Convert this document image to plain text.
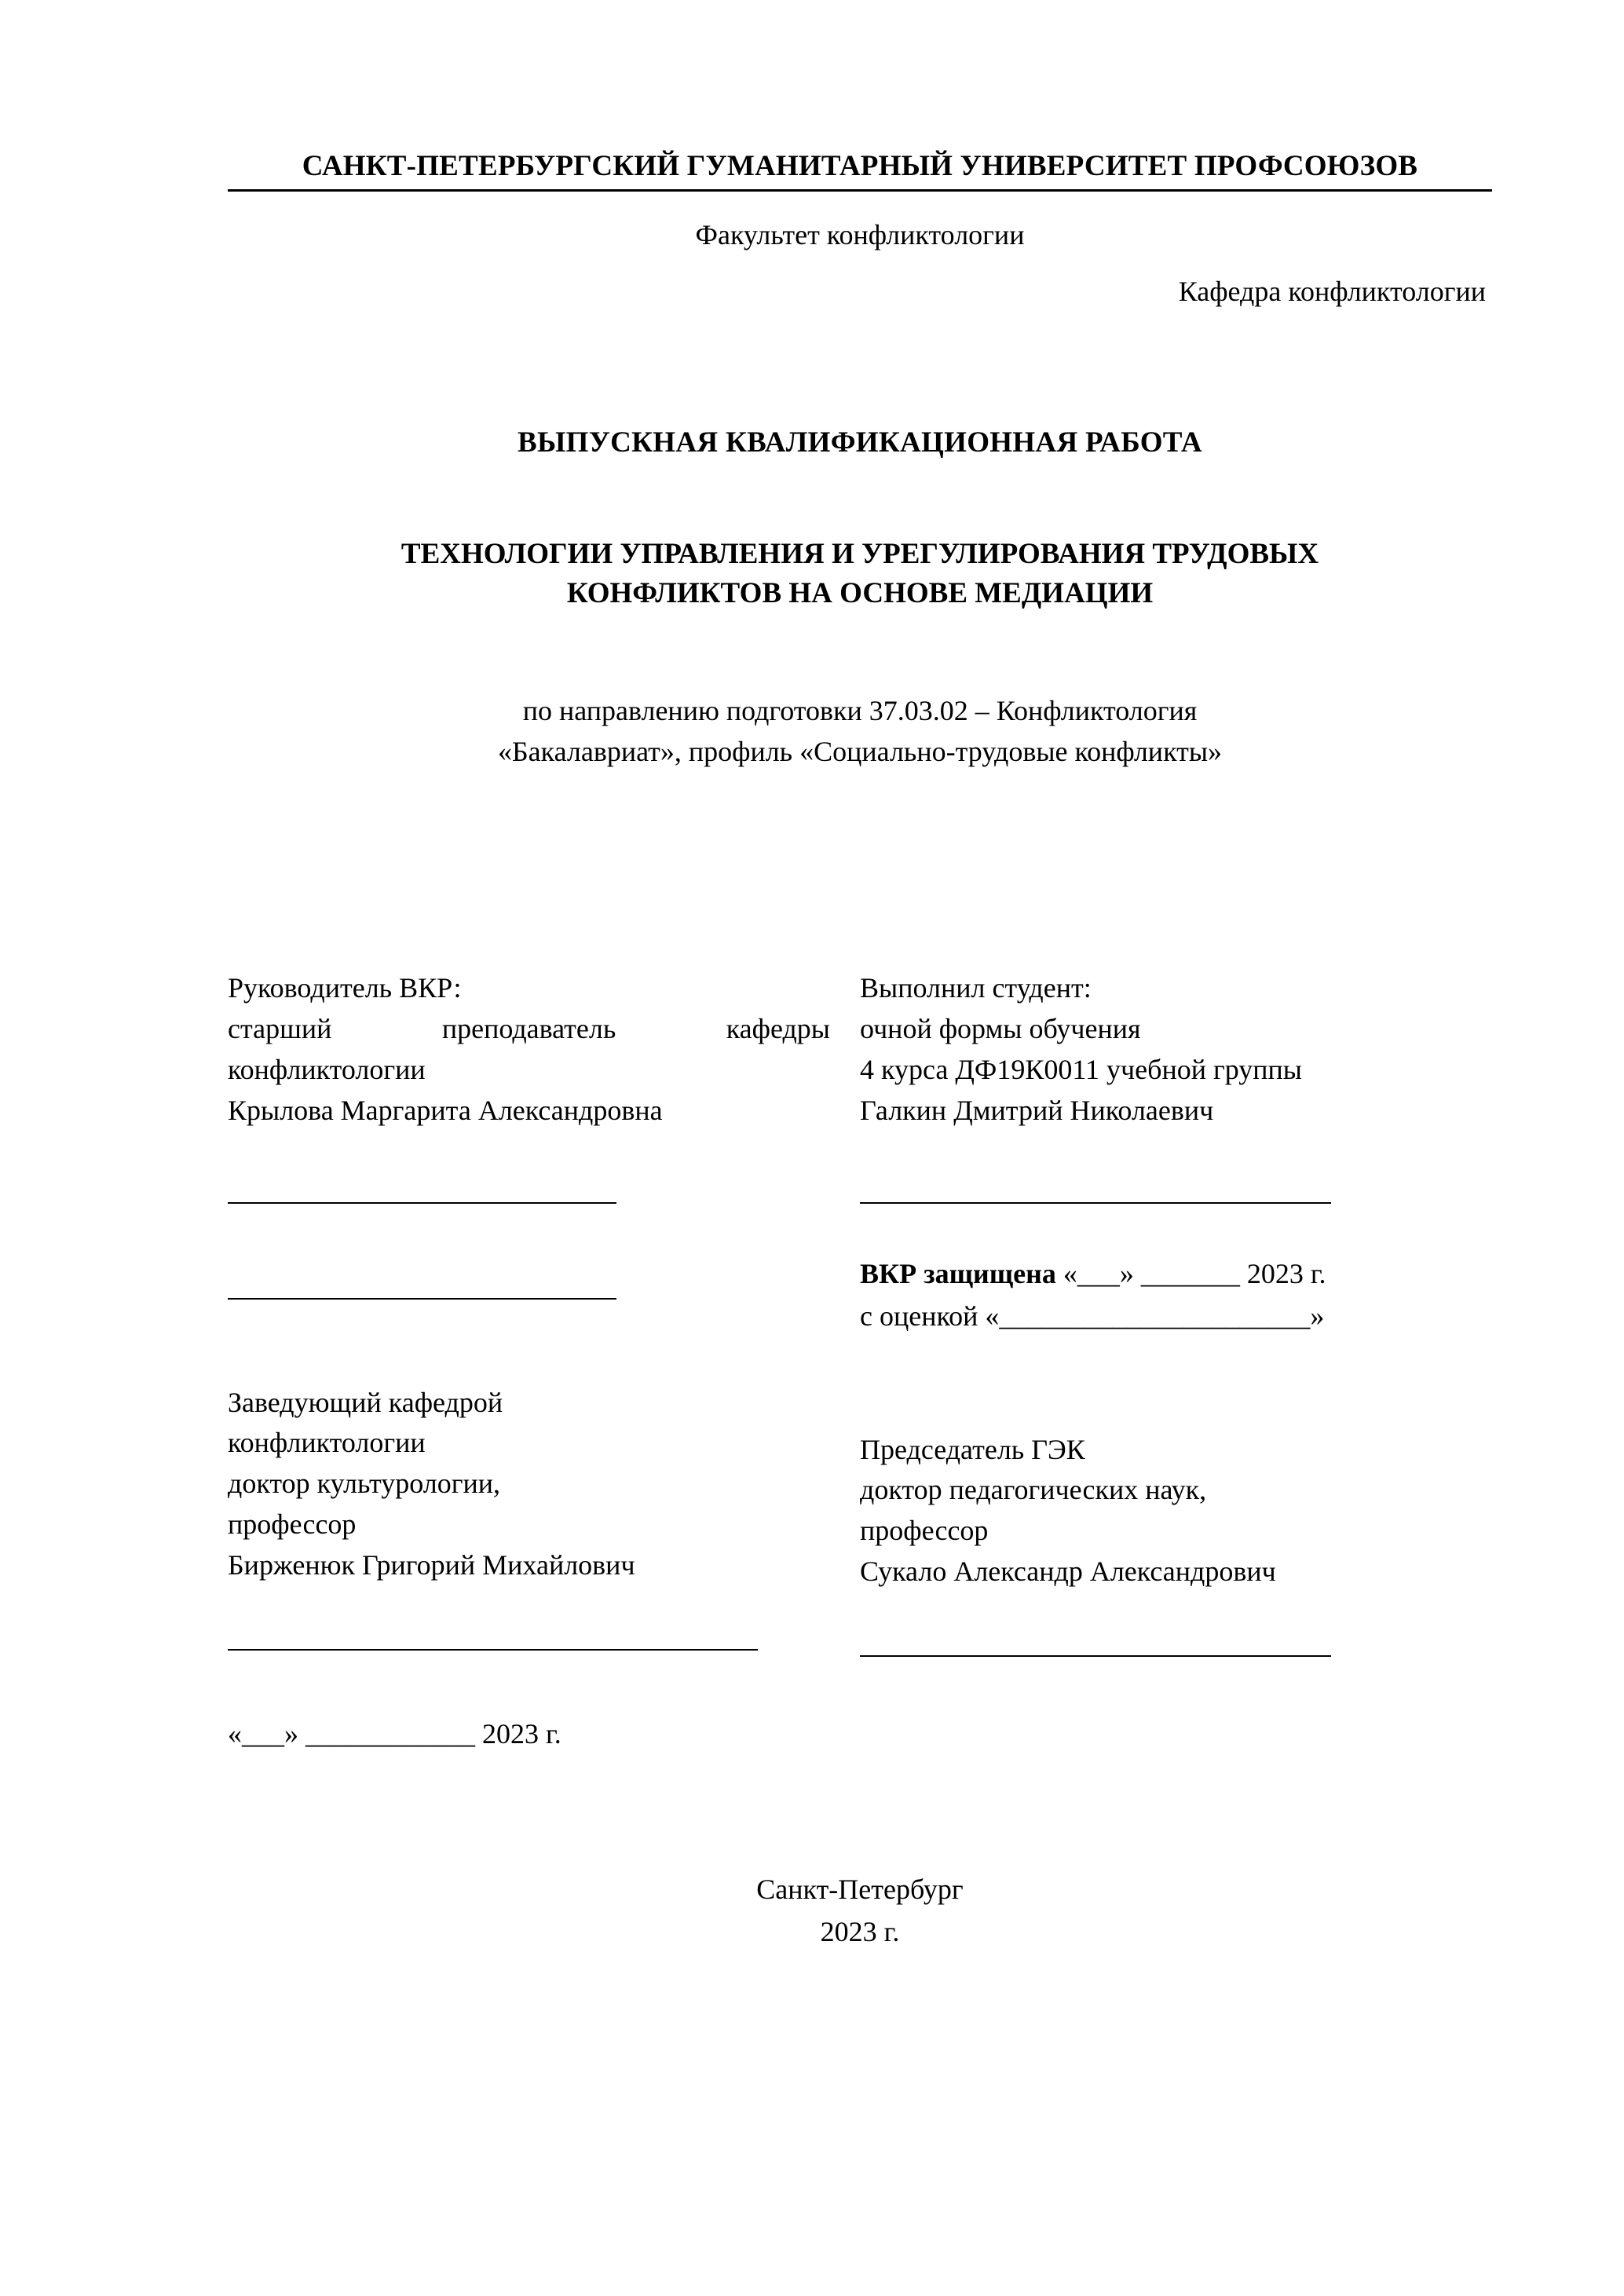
САНКТ-ПЕТЕРБУРГСКИЙ ГУМАНИТАРНЫЙ УНИВЕРСИТЕТ ПРОФСОЮЗОВ
Факультет конфликтологии
Кафедра конфликтологии
ВЫПУСКНАЯ КВАЛИФИКАЦИОННАЯ РАБОТА
ТЕХНОЛОГИИ УПРАВЛЕНИЯ И УРЕГУЛИРОВАНИЯ ТРУДОВЫХ
КОНФЛИКТОВ НА ОСНОВЕ МЕДИАЦИИ
по направлению подготовки 37.03.02 – Конфликтология
«Бакалавриат», профиль «Социально-трудовые конфликты»
Руководитель ВКР:
старший преподаватель кафедры
конфликтологии
Крылова Маргарита Александровна
Выполнил студент:
очной формы обучения
4 курса ДФ19К0011 учебной группы
Галкин Дмитрий Николаевич
ВКР защищена «___» _______ 2023 г.
с оценкой «______________________»
Заведующий кафедрой
конфликтологии
доктор культурологии,
профессор
Бирженюк Григорий Михайлович
«___» ____________ 2023 г.
Председатель ГЭК
доктор педагогических наук,
профессор
Сукало Александр Александрович
Санкт-Петербург
2023 г.
